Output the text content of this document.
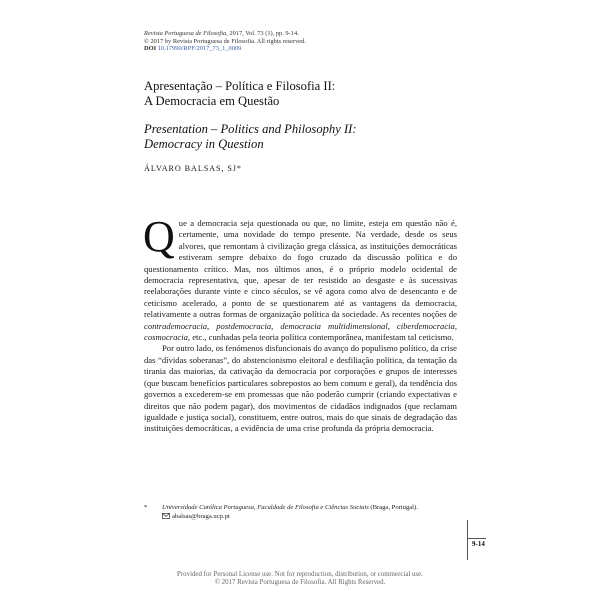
Revista Portuguesa de Filosofia, 2017, Vol. 73 (1), pp. 9-14.
© 2017 by Revista Portuguesa de Filosofia. All rights reserved.
DOI 10.17990/RPF/2017_73_1_0009
Apresentação – Política e Filosofia II:
A Democracia em Questão
Presentation – Politics and Philosophy II:
Democracy in Question
ÁLVARO BALSAS, SJ*

Que a democracia seja questionada ou que, no limite, esteja em questão não é, certamente, uma novidade do tempo presente. Na verdade, desde os seus alvores, que remontam à civilização grega clássica, as instituições democráticas estiveram sempre debaixo do fogo cruzado da discussão política e do questionamento crítico. Mas, nos últimos anos, é o próprio modelo ocidental de democracia representativa, que, apesar de ter resistido ao desgaste e às sucessivas reelaborações durante vinte e cinco séculos, se vê agora como alvo de desencanto e de ceticismo acelerado, a ponto de se questionarem até as vantagens da democracia, relativamente a outras formas de organização política da sociedade. As recentes noções de contrademocracia, postdemocracia, democracia multidimensional, ciberdemocracia, cosmocracia, etc., cunhadas pela teoria política contemporânea, manifestam tal ceticismo.

Por outro lado, os fenómenos disfuncionais do avanço do populismo político, da crise das “dívidas soberanas”, do abstencionismo eleitoral e desfiliação política, da tentação da tirania das maiorias, da cativação da democracia por corporações e grupos de interesses (que buscam benefícios particulares sobrepostos ao bem comum e geral), da tendência dos governos a excederem-se em promessas que não poderão cumprir (criando expectativas e direitos que não podem pagar), dos movimentos de cidadãos indignados (que reclamam igualdade e justiça social), constituem, entre outros, mais do que sinais de degradação das instituições democráticas, a evidência de uma crise profunda da própria democracia.

* Universidade Católica Portuguesa, Faculdade de Filosofia e Ciências Sociais (Braga, Portugal).
abalsas@braga.ucp.pt
9-14
Provided for Personal License use. Not for reproduction, distribution, or commercial use.
© 2017 Revista Portuguesa de Filosofia. All Rights Reserved.
